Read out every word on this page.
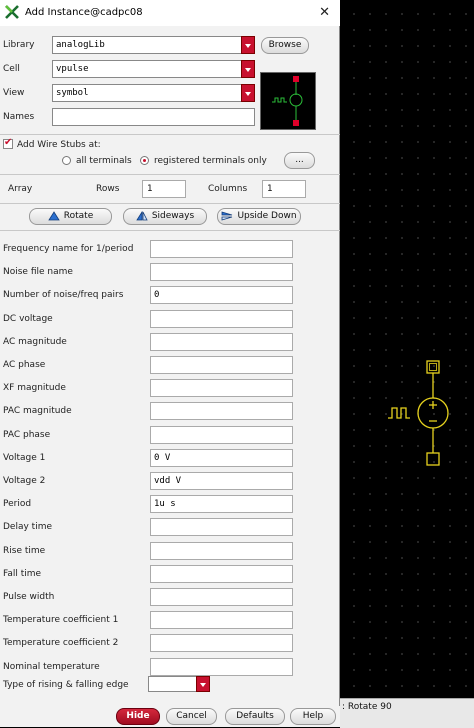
: Rotate 90
Add Instance@cadpc08	✕
Library analogLib	Browse
Cell	vpulse
View	symbol
Names
✔
Add Wire Stubs at:
all terminals registered terminals only	...
Array	Rows	1	Columns 1
Rotate	Sideways	Upside Down
Frequency name for 1/period
Noise file name
Number of noise/freq pairs	0
DC voltage
AC magnitude
AC phase
XF magnitude
PAC magnitude
PAC phase
Voltage 1	0 V
Voltage 2	vdd V
Period	1u s
Delay time
Rise time
Fall time
Pulse width
Temperature coefficient 1
Temperature coefficient 2
Nominal temperature
Type of rising & falling edge
Hide	Cancel	Defaults	Help
